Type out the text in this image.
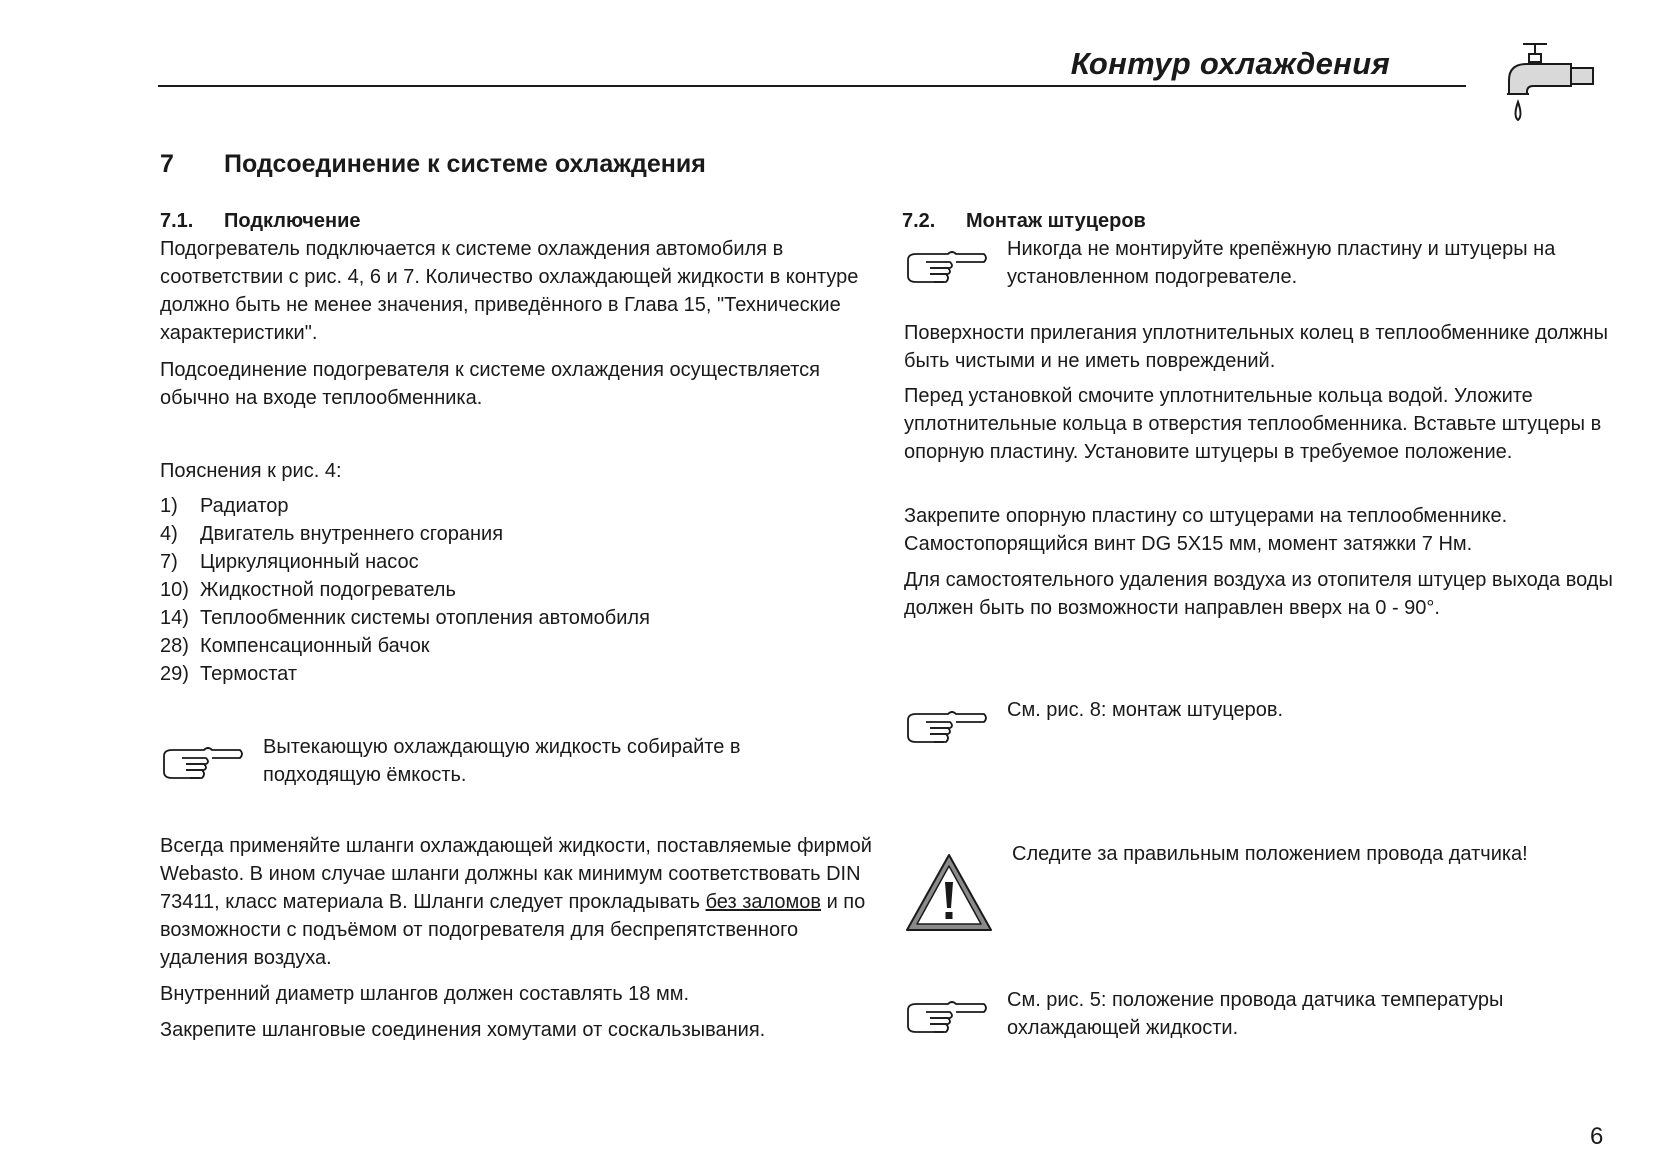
Контур охлаждения
7 Подсоединение к системе охлаждения
7.1. Подключение

Подогреватель подключается к системе охлаждения автомобиля в соответствии с рис. 4, 6 и 7. Количество охлаждающей жидкости в контуре должно быть не менее значения, приведённого в Глава 15, "Технические характеристики".

Подсоединение подогревателя к системе охлаждения осуществляется обычно на входе теплообменника.

Пояснения к рис. 4:
1) Радиатор
4) Двигатель внутреннего сгорания
7) Циркуляционный насос
10) Жидкостной подогреватель
14) Теплообменник системы отопления автомобиля
28) Компенсационный бачок
29) Термостат
Вытекающую охлаждающую жидкость собирайте в подходящую ёмкость.

Всегда применяйте шланги охлаждающей жидкости, поставляемые фирмой Webasto. В ином случае шланги должны как минимум соответствовать DIN 73411, класс материала В. Шланги следует прокладывать без заломов и по возможности с подъёмом от подогревателя для беспрепятственного удаления воздуха.

Внутренний диаметр шлангов должен составлять 18 мм.
Закрепите шланговые соединения хомутами от соскальзывания.
7.2. Монтаж штуцеров
Никогда не монтируйте крепёжную пластину и штуцеры на установленном подогревателе.
Поверхности прилегания уплотнительных колец в теплообменнике должны быть чистыми и не иметь повреждений.
Перед установкой смочите уплотнительные кольца водой. Уложите уплотнительные кольца в отверстия теплообменника. Вставьте штуцеры в опорную пластину. Установите штуцеры в требуемое положение.
Закрепите опорную пластину со штуцерами на теплообменнике. Самостопорящийся винт DG 5X15 мм, момент затяжки 7 Нм.
Для самостоятельного удаления воздуха из отопителя штуцер выхода воды должен быть по возможности направлен вверх на 0 - 90°.
См. рис. 8: монтаж штуцеров.
Следите за правильным положением провода датчика!
См. рис. 5: положение провода датчика температуры охлаждающей жидкости.
6
